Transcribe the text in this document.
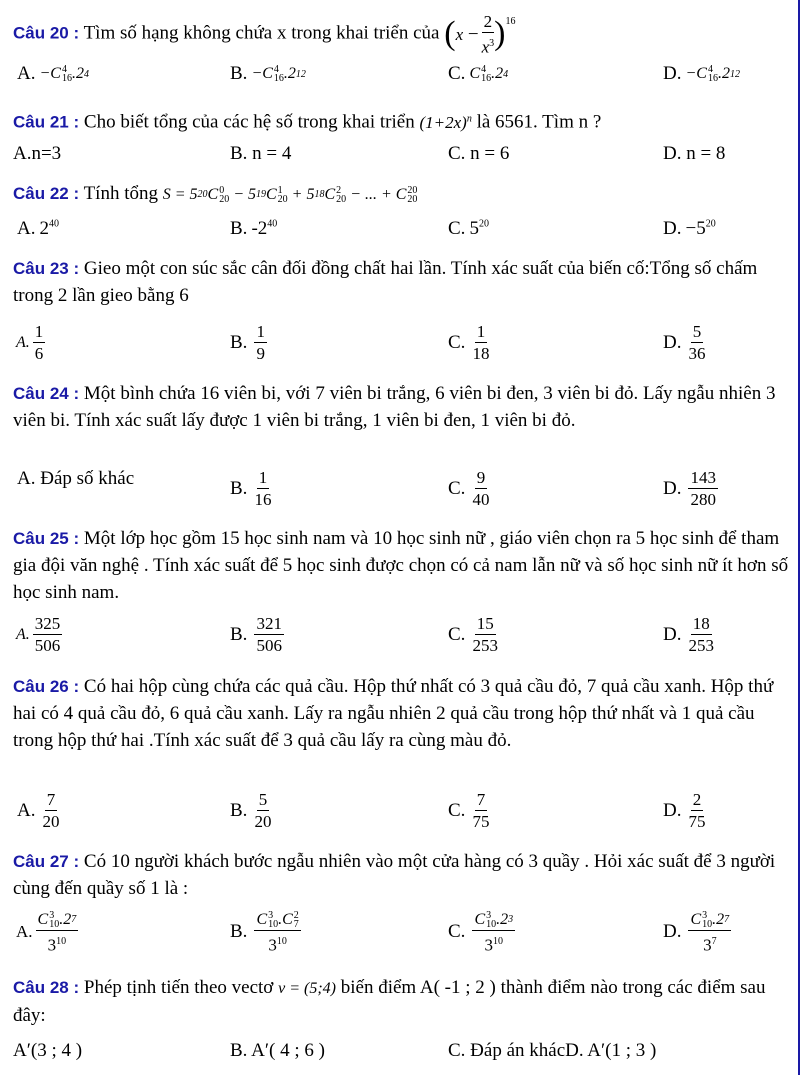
Câu 20 : Tìm số hạng không chứa x trong khai triển của ( $x - \frac{2}{x^3} )^{16}$
A. −C 4
16 .2 4	B. −C 4
16 .2 12	C. C 4
16 .2 4	D. −C 4
16 .2 12
Câu 21 : Cho biết tổng của các hệ số trong khai triển $(1+2x)^n$ là 6561. Tìm n ?
A.n=3	B. n = 4	C. n = 6	D. n = 8
Câu 22 : Tính tổng S = 5 20 C 0
20 − 5 19 C 1
20 + 5 18 C 2
20 − ... + C 20
20
A. $2^{40}$	B. $-2^{40}$	C. $5^{20}$	D. $-5^{20}$
Câu 23 : Gieo một con súc sắc cân đối đồng chất hai lần. Tính xác suất của biến cố:Tổng số chấm trong 2 lần gieo bằng 6
A. $\frac{1}{6}$	B. $\frac{1}{9}$	C. $\frac{1}{18}$	D. $\frac{5}{36}$
Câu 24 : Một bình chứa 16 viên bi, với 7 viên bi trắng, 6 viên bi đen, 3 viên bi đỏ. Lấy ngẫu nhiên 3 viên bi. Tính xác suất lấy được 1 viên bi trắng, 1 viên bi đen, 1 viên bi đỏ.
A. Đáp số khác	B. $\frac{1}{16}$	C. $\frac{9}{40}$	D. $\frac{143}{280}$
Câu 25 : Một lớp học gồm 15 học sinh nam và 10 học sinh nữ , giáo viên chọn ra 5 học sinh để tham gia đội văn nghệ . Tính xác suất để 5 học sinh được chọn có cả nam lẫn nữ và số học sinh nữ ít hơn số học sinh nam.
A. $\frac{325}{506}$	B. $\frac{321}{506}$	C. $\frac{15}{253}$	D. $\frac{18}{253}$
Câu 26 : Có hai hộp cùng chứa các quả cầu. Hộp thứ nhất có 3 quả cầu đỏ, 7 quả cầu xanh. Hộp thứ hai có 4 quả cầu đỏ, 6 quả cầu xanh. Lấy ra ngẫu nhiên 2 quả cầu trong hộp thứ nhất và 1 quả cầu trong hộp thứ hai .Tính xác suất để 3 quả cầu lấy ra cùng màu đỏ.
A. $\frac{7}{20}$	B. $\frac{5}{20}$	C. $\frac{7}{75}$	D. $\frac{2}{75}$
Câu 27 : Có 10 người khách bước ngẫu nhiên vào một cửa hàng có 3 quầy . Hỏi xác suất để 3 người cùng đến quầy số 1 là :
A. C 3
10 .2 7
$3^{10}$	B. C 3
10 .C 2
7
$3^{10}$	C. C 3
10 .2 3
$3^{10}$	D. C 3
10 .2 7
$3^7$
Câu 28 : Phép tịnh tiến theo vectơ v = (5;4) biến điểm A( -1 ; 2 ) thành điểm nào trong các điểm sau đây:
A′(3 ; 4 )	B. A′( 4 ; 6 )	C. Đáp án khácD. A′(1 ; 3 )
